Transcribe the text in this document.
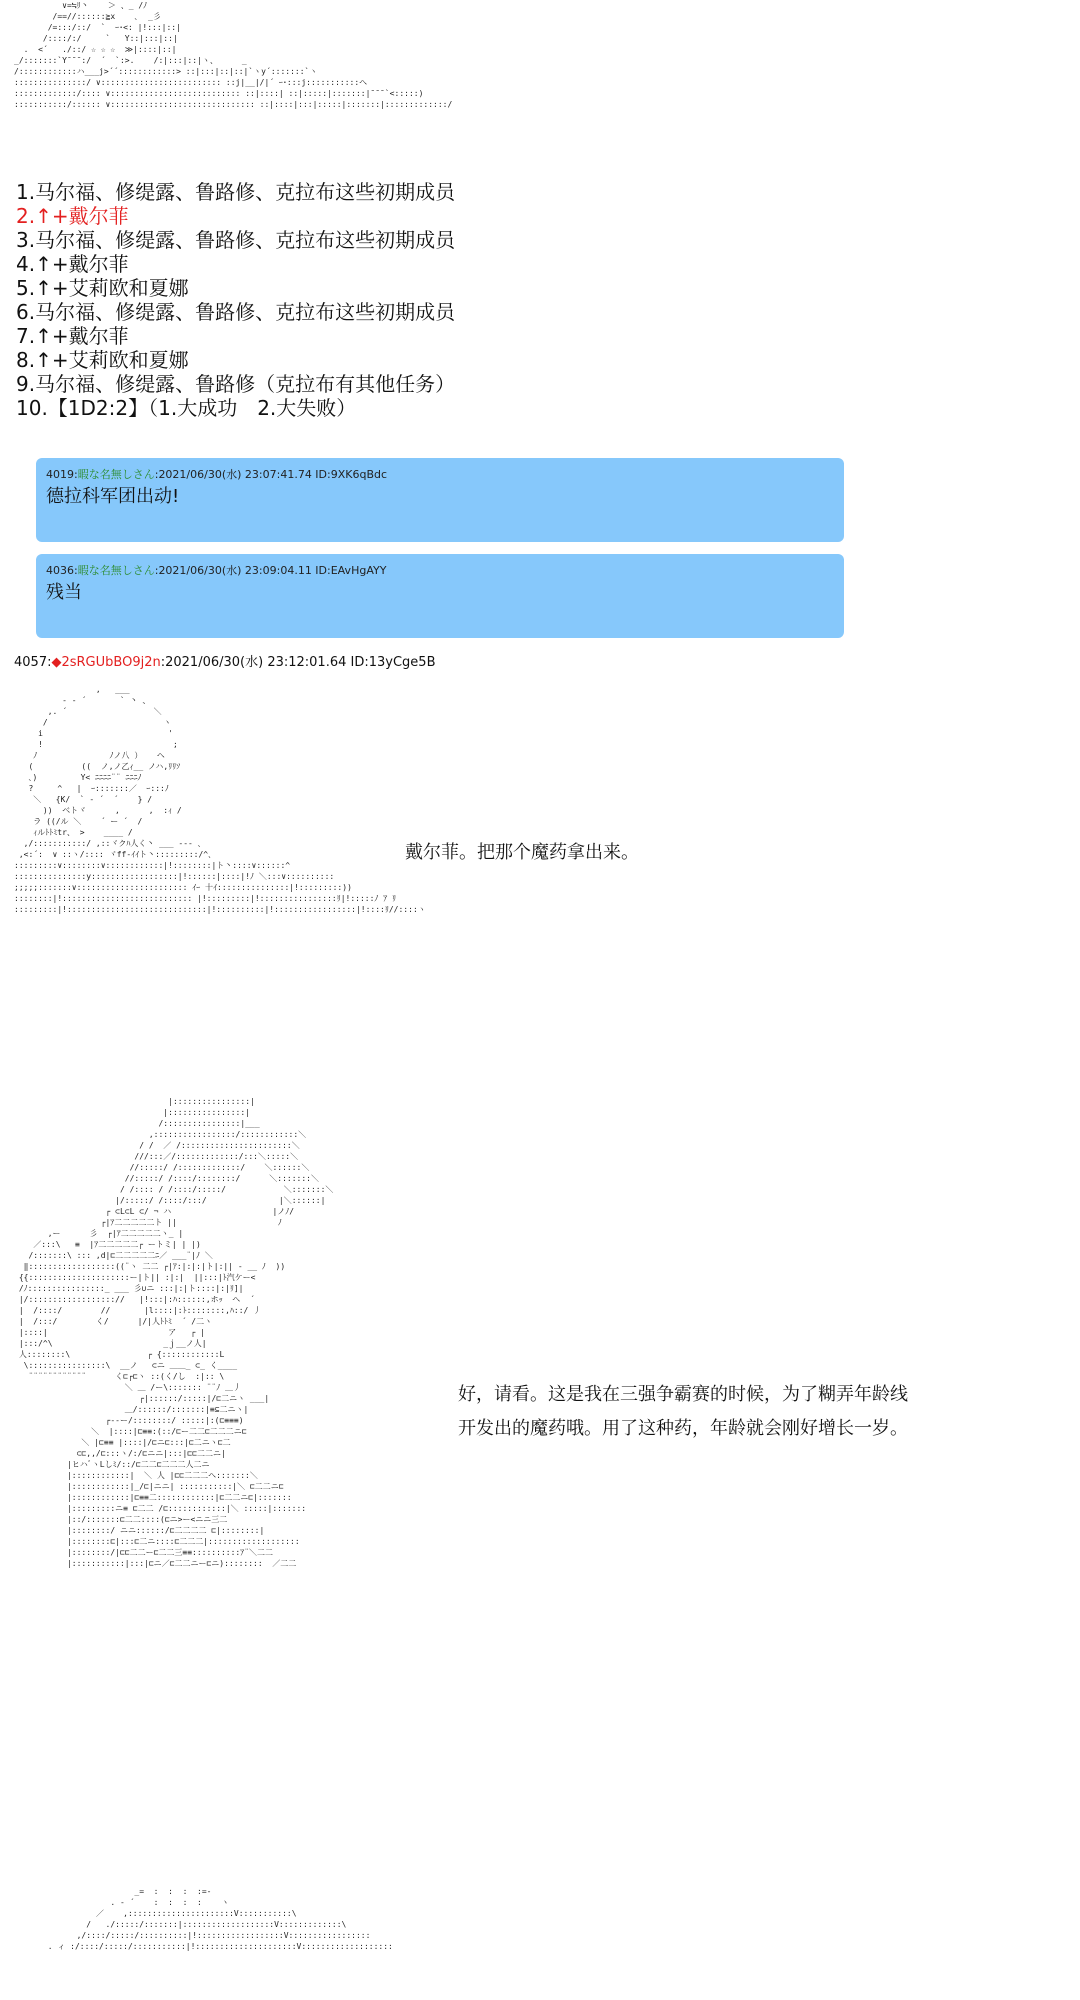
∨=≒ﾘ丶    ＞ 、_ /ﾉ
/==//::::::≧x    ､  _彡
/=:::/::/  `  ｰ･<: |!:::|::|
/::::/:/     `   Y::|:::|::|
.  <´   ./::/ ☆ ☆ ☆  ≫|::::|::|
_/:::::::`Y¯¯¯:/  ´  `:>.    /:|:::|::|ヽ、     _
/::::::::::::ハ___j>´´::::::::::::> ::|:::|::|::|`ヽy´:::::::`ヽ
:::::::::::::::/ ∨::::::::::::::::::::::::: ::j|__|/|´ ｰ･:::j:::::::::::ヘ
:::::::::::::/:::: ∨::::::::::::::::::::::::::: ::|::::| ::|:::::|:::::::|¯¯¯`<:::::)
:::::::::::/:::::: ∨:::::::::::::::::::::::::::::: ::|::::|:::|:::::|:::::::|:::::::::::::/
1.马尔福、修缇露、鲁路修、克拉布这些初期成员
2.↑+戴尔菲
3.马尔福、修缇露、鲁路修、克拉布这些初期成员
4.↑+戴尔菲
5.↑+艾莉欧和夏娜
6.马尔福、修缇露、鲁路修、克拉布这些初期成员
7.↑+戴尔菲
8.↑+艾莉欧和夏娜
9.马尔福、修缇露、鲁路修（克拉布有其他任务）
10.【1D2:2】（1.大成功　2.大失败）
4019:暇な名無しさん:2021/06/30(水) 23:07:41.74 ID:9XK6qBdc
德拉科军团出动!
4036:暇な名無しさん:2021/06/30(水) 23:09:04.11 ID:EAvHgAYY
残当
4057:◆2sRGUbBO9j2n:2021/06/30(水) 23:12:01.64 ID:13yCge5B
,   ___
- ‐ ´       ` 丶 、
,. ´                  ＼
/                        ヽ
i                          '
!                           ;
ﾉ               ﾉノ八 ）   ヘ
(          ((  ノ,ノ乙ｨ__ ノハ,ﾘﾘｿ
､)         Y< ﾆﾆﾆﾆ¨¨ ﾆﾆﾆﾉ
?     ^   |  ｰ:::::::／  ｰ:::ﾉ
＼   {K/  ` ‐ ´  ´    } /
))  ベトヾ      ,      ,  :ｨ /
ラ ((/ル ＼    ´ ー ´  /
ｨルﾄﾄﾐtr、 >    ____ /
,/:::::::::::/ ,::ヾクﾊ人く丶 ___ --- ､
,<:´:  ∨ ::ヽ/:::: ヾff-ｲｲト丶:::::::::/^､
:::::::::∨::::::::∨::::::::::::|!::::::::|ト丶::::∨::::::^
:::::::::::::::y::::::::::::::::::|!::::::|::::|!ﾉ ＼:::∨::::::::::
;;;;;:::::::∨::::::::::::::::::::::: ｲｰ 十ｲ:::::::::::::::|!:::::::::))
::::::::|!::::::::::::::::::::::::::: |!:::::::::|!::::::::::::::::ﾘ|!:::::ﾉ ｱ ﾘ
:::::::::|!:::::::::::::::::::::::::::::|!::::::::::|!:::::::::::::::::|!::::ﾘ//::::ヽ
戴尔菲。把那个魔药拿出来。
|::::::::::::::::|
|::::::::::::::::|
/::::::::::::::::|___
,:::::::::::::::::/::::::::::::＼
/ /  ／ /:::::::::::::::::::::::＼
///:::／/:::::::::::::/:::＼:::::＼
//:::::/ /:::::::::::::/    ＼::::::＼
//:::::/ /::::/::::::::/      ＼:::::::＼
/ /:::: / /::::/:::::/            ＼:::::::＼
|/:::::/ /::::/:::/               |＼::::::|
┌ ⊂L⊂L ⊂/ ¬ ハ                     |ノﾉ/
┌|ｱ二二二二二ト ||                     ﾉ
,ー      彡  ┌|ｱ二二二二二ヽ_ |
／:::\   ≡  |ｱ二二二二二┌ ートミ| | |)
/:::::::\ ::: ,d|⊏二二二二二ﾆ／ ___¨|ﾉ ＼
‖::::::::::::::::::((¨ヽ 二二 ┌|ｱ:|:|:|ト|:|| ‐ __ ﾉ  ))
{{:::::::::::::::::::::ー|ト|| :|:|  ||:::|ﾄ汽ケー<
/ﾉ::::::::::::::::_ ___ 彡∪ニ :::|:|ト::::|:|ﾘ]|
|/:::::::::::::::::://   |!:::|:ﾊ::::::,ホｯ  ヘ  ´
|  /::::/        //       |l::::|:ﾄ::::::::,ﾊ::/ 丿
|  /:::/        く/      |/|人ﾄﾄﾐ  ´ /二ヽ
|::::|                         ア   ┌ |
|:::/^\                       _ｊ__ノ人|
人::::::::\                ┌ {::::::::::::L
\::::::::::::::::\  __ノ   ⊂ニ ＿＿_ ⊂_ く____
¨¨¨¨¨¨¨¨¨¨¨¨      く⊏┌⊏ヽ ::(く/し  :|:: \
＼ ＿ /ー\::::::: ¨¨ﾉ ＿丿
┌|::::::/:::::|/⊏二ニヽ ___|
＿/::::::/:::::::|≡⊆二ニヽ|
┌--ー/::::::::/ :::::|:(⊏≡≡≡)
＼  |::::|⊏≡≡:(::/⊏ー二二⊏二二二ニ⊏
＼ |⊏≡≡ |::::|/⊏ニ⊏:::|⊏二ニヽ⊏二
⊂⊏,,/⊏:::ヽ/:/⊏ニニ|:::|⊏⊏二二ニ|
|ヒハﾞヽLしﾐ/::/⊏二二⊏二二二人二ニ
|::::::::::::|  ＼ 人 |⊏⊏二二二ヘ:::::::＼
|::::::::::::|_/⊏|ニニ| :::::::::::|＼ ⊏二二ニ⊏
|::::::::::::|⊏≡≡二::::::::::::|⊏二二ニ⊏|:::::::
|:::::::::ニ≡ ⊏二二 /⊏::::::::::::|＼ :::::|:::::::
|::/:::::::⊏二二::::(⊏ニ>ー<ニニ三二
|::::::::/ ニニ::::::/⊏二二二二 ⊏|::::::::|
|::::::::⊏|:::⊏二ニ::::⊏二二二|:::::::::::::::::::
|::::::::/|⊏⊏二二ー⊏二二三≡≡::::::::::ｱ¨＼二二
|:::::::::::|:::|⊏ニ／⊏二二ニー⊏ニ)::::::::  ／二二
好，请看。这是我在三强争霸赛的时候，为了糊弄年龄线
开发出的魔药哦。用了这种药，年龄就会刚好增长一岁。
_=  :  :  :  :=-
. - ´    :  :  :  :    ヽ
／    ,::::::::::::::::::::::V:::::::::::\
/   ./:::::/:::::::|:::::::::::::::::::V:::::::::::::\
,/::::/:::::/::::::::::|!::::::::::::::::::V:::::::::::::::::
. ィ :/::::/:::::/:::::::::::|!:::::::::::::::::::::V:::::::::::::::::::
